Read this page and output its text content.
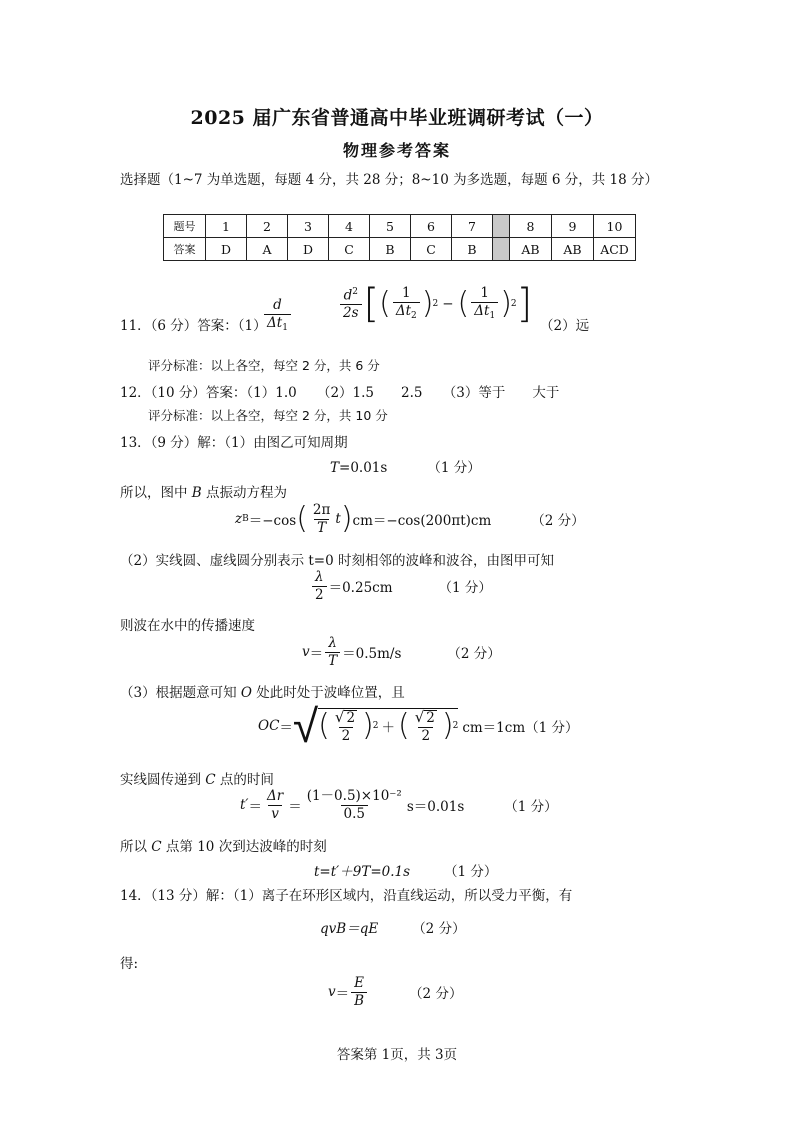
2025 届广东省普通高中毕业班调研考试（一）
物理参考答案
选择题（1~7 为单选题，每题 4 分，共 28 分；8~10 为多选题，每题 6 分，共 18 分）
题号	1	2	3	4	5	6	7		8	9	10
答案	D	A	D	C	B	C	B		AB	AB	ACD
11．（6 分）答案：（1）
$\frac{d}{\Delta t_1}$	$\frac{d^2}{2s}$ [ ( $\frac{1}{\Delta t_2}$ ) 2 − ( $\frac{1}{\Delta t_1}$ ) 2 ] （2）远
评分标准：以上各空，每空 2 分，共 6 分
12．（10 分）答案：（1）1.0　　（2）1.5　　2.5　　（3）等于　　大于
评分标准：以上各空，每空 2 分，共 10 分
13．（9 分）解：（1）由图乙可知周期
T=0.01s	（1 分）
所以，图中 B 点振动方程为
z B ＝−cos ( $\frac{2\pi}{T}$ t ) cm＝−cos(200πt)cm	（2 分）
（2）实线圆、虚线圆分别表示 t=0 时刻相邻的波峰和波谷，由图甲可知
$\frac{\lambda}{2} =0.25cm$	（1 分）
则波在水中的传播速度
$v = \frac{\lambda}{T} =0.5m/s$	（2 分）
（3）根据题意可知 O 处此时处于波峰位置，且
OC ＝ √ ( $\frac{√ 2}{2}$ ) 2 ＋ ( $\frac{√ 2}{2}$ ) 2 cm＝1cm （1 分）
实线圆传递到 C 点的时间
$t' = \frac{\Delta r}{v} = \frac{\text{(1－0.5)×10⁻²}}{0.5} s=0.01s$	（1 分）
所以 C 点第 10 次到达波峰的时刻
t=t′＋9T=0.1s	（1 分）
14．（13 分）解：（1）离子在环形区域内，沿直线运动，所以受力平衡，有
qvB＝qE	（2 分）
得:
$v = \frac{E}{B}$	（2 分）
答案第 1页，共 3页
